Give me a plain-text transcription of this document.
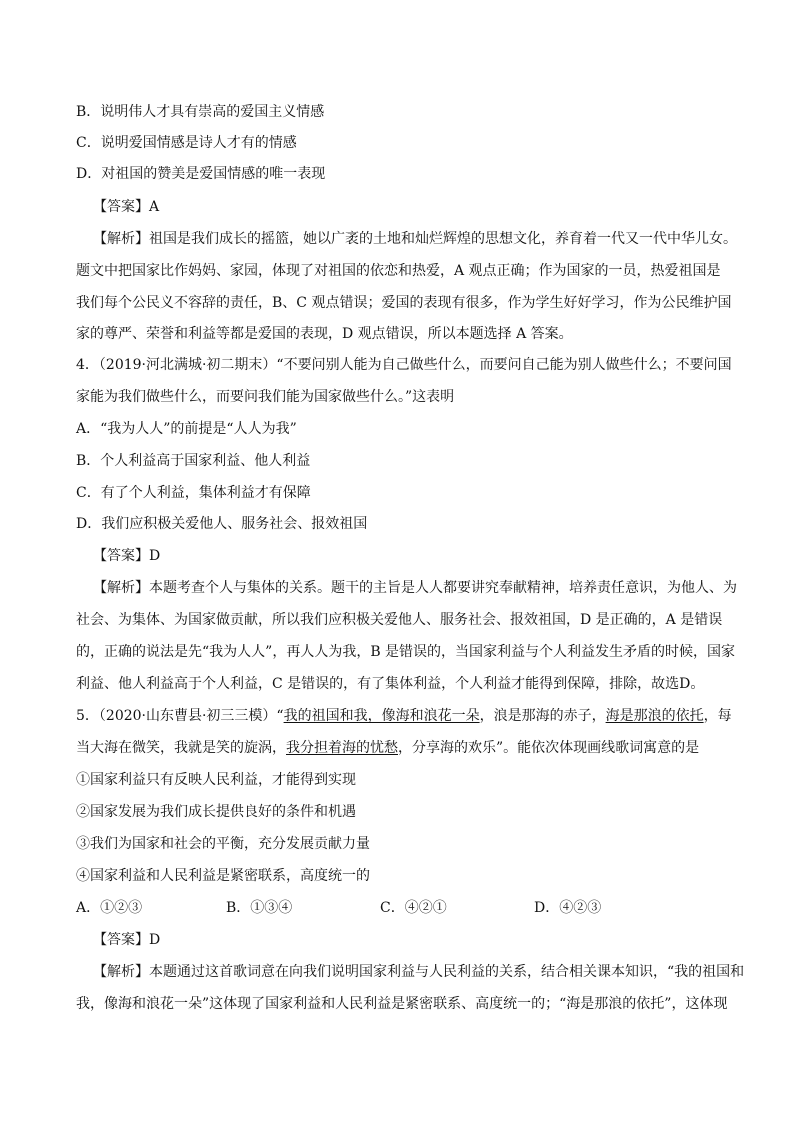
B．说明伟人才具有崇高的爱国主义情感
C．说明爱国情感是诗人才有的情感
D．对祖国的赞美是爱国情感的唯一表现
【答案】A
【解析】祖国是我们成长的摇篮，她以广袤的土地和灿烂辉煌的思想文化，养育着一代又一代中华儿女。
题文中把国家比作妈妈、家园，体现了对祖国的依恋和热爱，A 观点正确；作为国家的一员，热爱祖国是
我们每个公民义不容辞的责任，B、C 观点错误；爱国的表现有很多，作为学生好好学习，作为公民维护国
家的尊严、荣誉和利益等都是爱国的表现，D 观点错误，所以本题选择 A 答案。
4．（2019·河北满城·初二期末）“不要问别人能为自己做些什么，而要问自己能为别人做些什么；不要问国
家能为我们做些什么，而要问我们能为国家做些什么。”这表明
A．“我为人人”的前提是“人人为我”
B．个人利益高于国家利益、他人利益
C．有了个人利益，集体利益才有保障
D．我们应积极关爱他人、服务社会、报效祖国
【答案】D
【解析】本题考查个人与集体的关系。题干的主旨是人人都要讲究奉献精神，培养责任意识，为他人、为
社会、为集体、为国家做贡献，所以我们应积极关爱他人、服务社会、报效祖国，D 是正确的，A 是错误
的，正确的说法是先“我为人人”，再人人为我，B 是错误的，当国家利益与个人利益发生矛盾的时候，国家
利益、他人利益高于个人利益，C 是错误的，有了集体利益，个人利益才能得到保障，排除，故选D。
5．（2020·山东曹县·初三三模）“我的祖国和我，像海和浪花一朵，浪是那海的赤子，海是那浪的依托，每
当大海在微笑，我就是笑的旋涡，我分担着海的忧愁，分享海的欢乐”。能依次体现画线歌词寓意的是
①国家利益只有反映人民利益，才能得到实现
②国家发展为我们成长提供良好的条件和机遇
③我们为国家和社会的平衡，充分发展贡献力量
④国家利益和人民利益是紧密联系，高度统一的
A．①②③	B．①③④	C．④②①	D．④②③
【答案】D
【解析】本题通过这首歌词意在向我们说明国家利益与人民利益的关系，结合相关课本知识，“我的祖国和
我，像海和浪花一朵”这体现了国家利益和人民利益是紧密联系、高度统一的；“海是那浪的依托”，这体现
